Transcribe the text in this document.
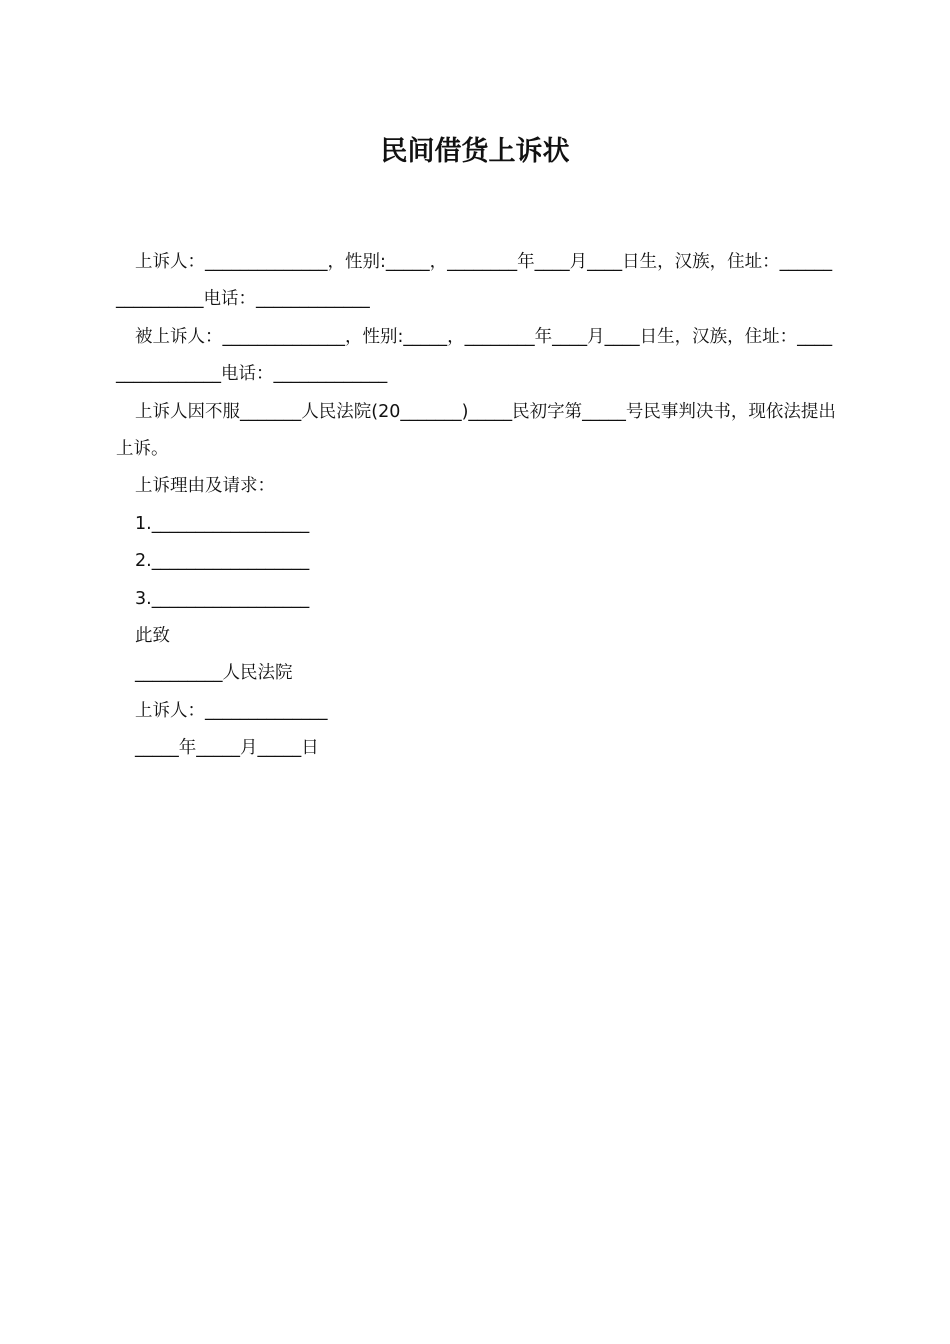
民间借货上诉状

上诉人：______________，性别:_____，________年____月____日生，汉族，住址：________________电话：_____________

被上诉人：______________，性别:_____，________年____月____日生，汉族，住址：________________电话：_____________

上诉人因不服_______人民法院(20_______)_____民初字第_____号民事判决书，现依法提出上诉。

上诉理由及请求：

1.__________________

2.__________________

3.__________________

此致

__________人民法院

上诉人：______________

_____年_____月_____日
